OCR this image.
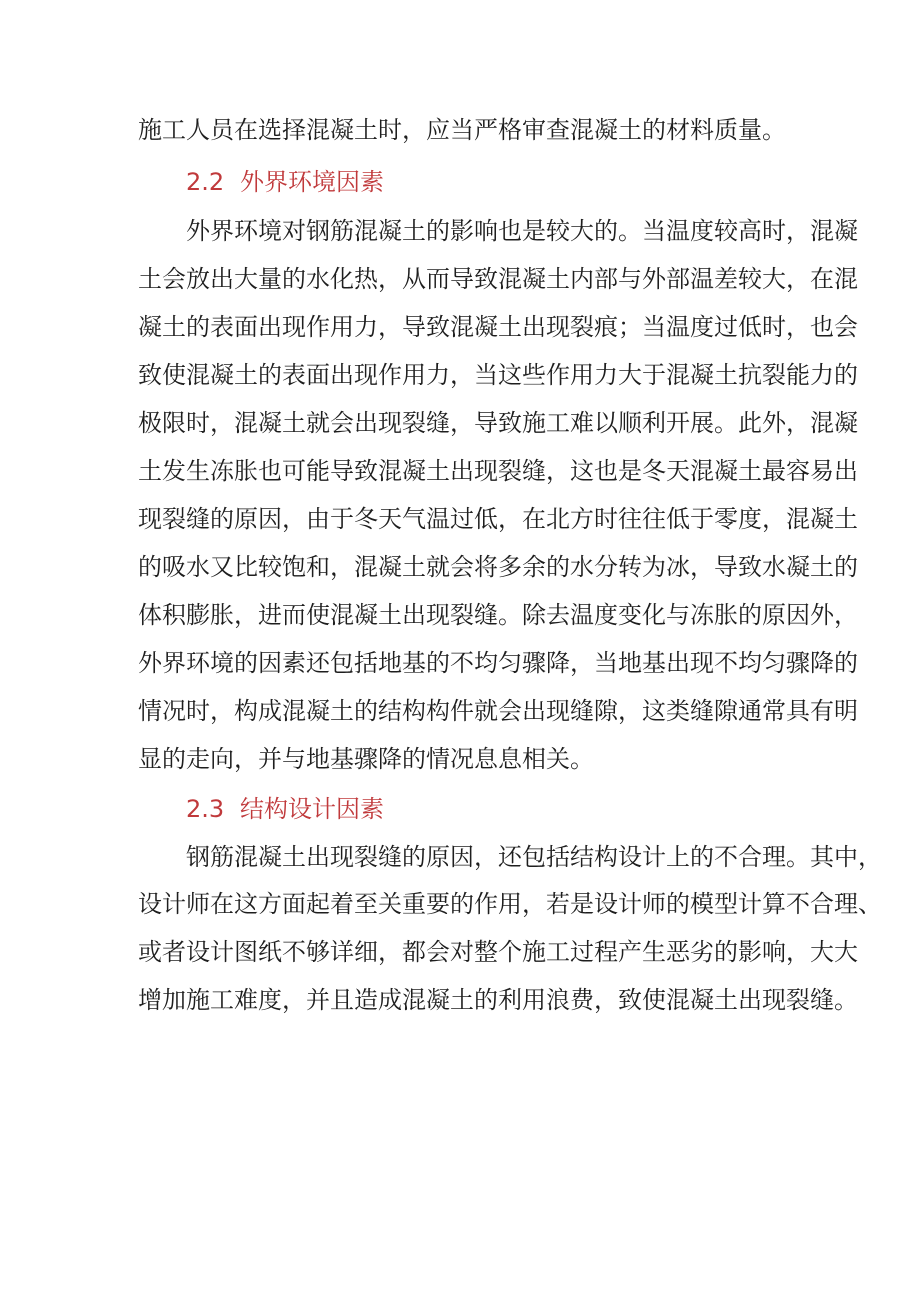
施工人员在选择混凝土时，应当严格审查混凝土的材料质量。
2.2 外界环境因素
外界环境对钢筋混凝土的影响也是较大的。当温度较高时，混凝
土会放出大量的水化热，从而导致混凝土内部与外部温差较大，在混
凝土的表面出现作用力，导致混凝土出现裂痕；当温度过低时，也会
致使混凝土的表面出现作用力，当这些作用力大于混凝土抗裂能力的
极限时，混凝土就会出现裂缝，导致施工难以顺利开展。此外，混凝
土发生冻胀也可能导致混凝土出现裂缝，这也是冬天混凝土最容易出
现裂缝的原因，由于冬天气温过低，在北方时往往低于零度，混凝土
的吸水又比较饱和，混凝土就会将多余的水分转为冰，导致水凝土的
体积膨胀，进而使混凝土出现裂缝。除去温度变化与冻胀的原因外，
外界环境的因素还包括地基的不均匀骤降，当地基出现不均匀骤降的
情况时，构成混凝土的结构构件就会出现缝隙，这类缝隙通常具有明
显的走向，并与地基骤降的情况息息相关。
2.3 结构设计因素
钢筋混凝土出现裂缝的原因，还包括结构设计上的不合理。其中，
设计师在这方面起着至关重要的作用，若是设计师的模型计算不合理、
或者设计图纸不够详细，都会对整个施工过程产生恶劣的影响，大大
增加施工难度，并且造成混凝土的利用浪费，致使混凝土出现裂缝。
